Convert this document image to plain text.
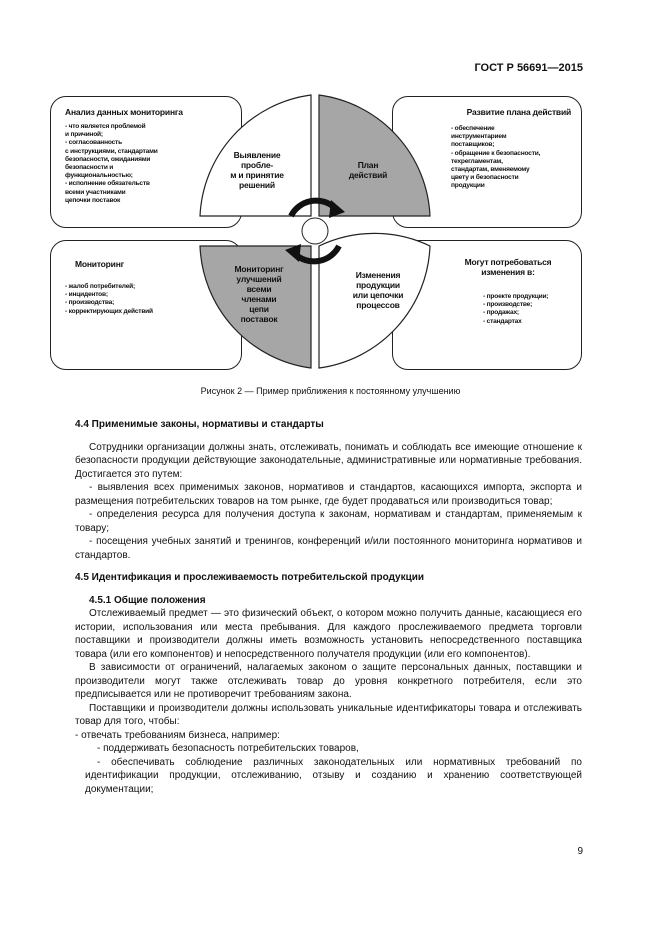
ГОСТ Р 56691—2015
Анализ данных мониторинга
- что является проблемой
и причиной;
- согласованность
с инструкциями, стандартами
безопасности, ожиданиями
безопасности и
функциональностью;
- исполнение обязательств
всеми участниками
цепочки поставок
Развитие плана действий
- обеспечение
инструментарием
поставщиков;
- обращение к безопасности,
техрегламентам,
стандартам, вменяемому
цвету и безопасности
продукции
Мониторинг
- жалоб потребителей;
- инцидентов;
- производства;
- корректирующих действий
Могут потребоваться изменения в:
- проекте продукции;
- производстве;
- продажах;
- стандартах
Выявление
пробле-
м и принятие
решений
План
действий
Мониторинг
улучшений
всеми
членами
цепи
поставок
Изменения
продукции
или цепочки
процессов
Рисунок 2 — Пример приближения к постоянному улучшению

4.4 Применимые законы, нормативы и стандарты

Сотрудники организации должны знать, отслеживать, понимать и соблюдать все имеющие отношение к безопасности продукции действующие законодательные, административные или нормативные требования. Достигается это путем:

- выявления всех применимых законов, нормативов и стандартов, касающихся импорта, экспорта и размещения потребительских товаров на том рынке, где будет продаваться или производиться товар;

- определения ресурса для получения доступа к законам, нормативам и стандартам, применяемым к товару;

- посещения учебных занятий и тренингов, конференций и/или постоянного мониторинга нормативов и стандартов.

4.5 Идентификация и прослеживаемость потребительской продукции

4.5.1 Общие положения

Отслеживаемый предмет — это физический объект, о котором можно получить данные, касающиеся его истории, использования или места пребывания. Для каждого прослеживаемого предмета торговли поставщики и производители должны иметь возможность установить непосредственного поставщика товара (или его компонентов) и непосредственного получателя продукции (или его компонентов).

В зависимости от ограничений, налагаемых законом о защите персональных данных, поставщики и производители могут также отслеживать товар до уровня конкретного потребителя, если это предписывается или не противоречит требованиям закона.

Поставщики и производители должны использовать уникальные идентификаторы товара и отслеживать товар для того, чтобы:

- отвечать требованиям бизнеса, например:

- поддерживать безопасность потребительских товаров,

- обеспечивать соблюдение различных законодательных или нормативных требований по идентификации продукции, отслеживанию, отзыву и созданию и хранению соответствующей документации;

9
